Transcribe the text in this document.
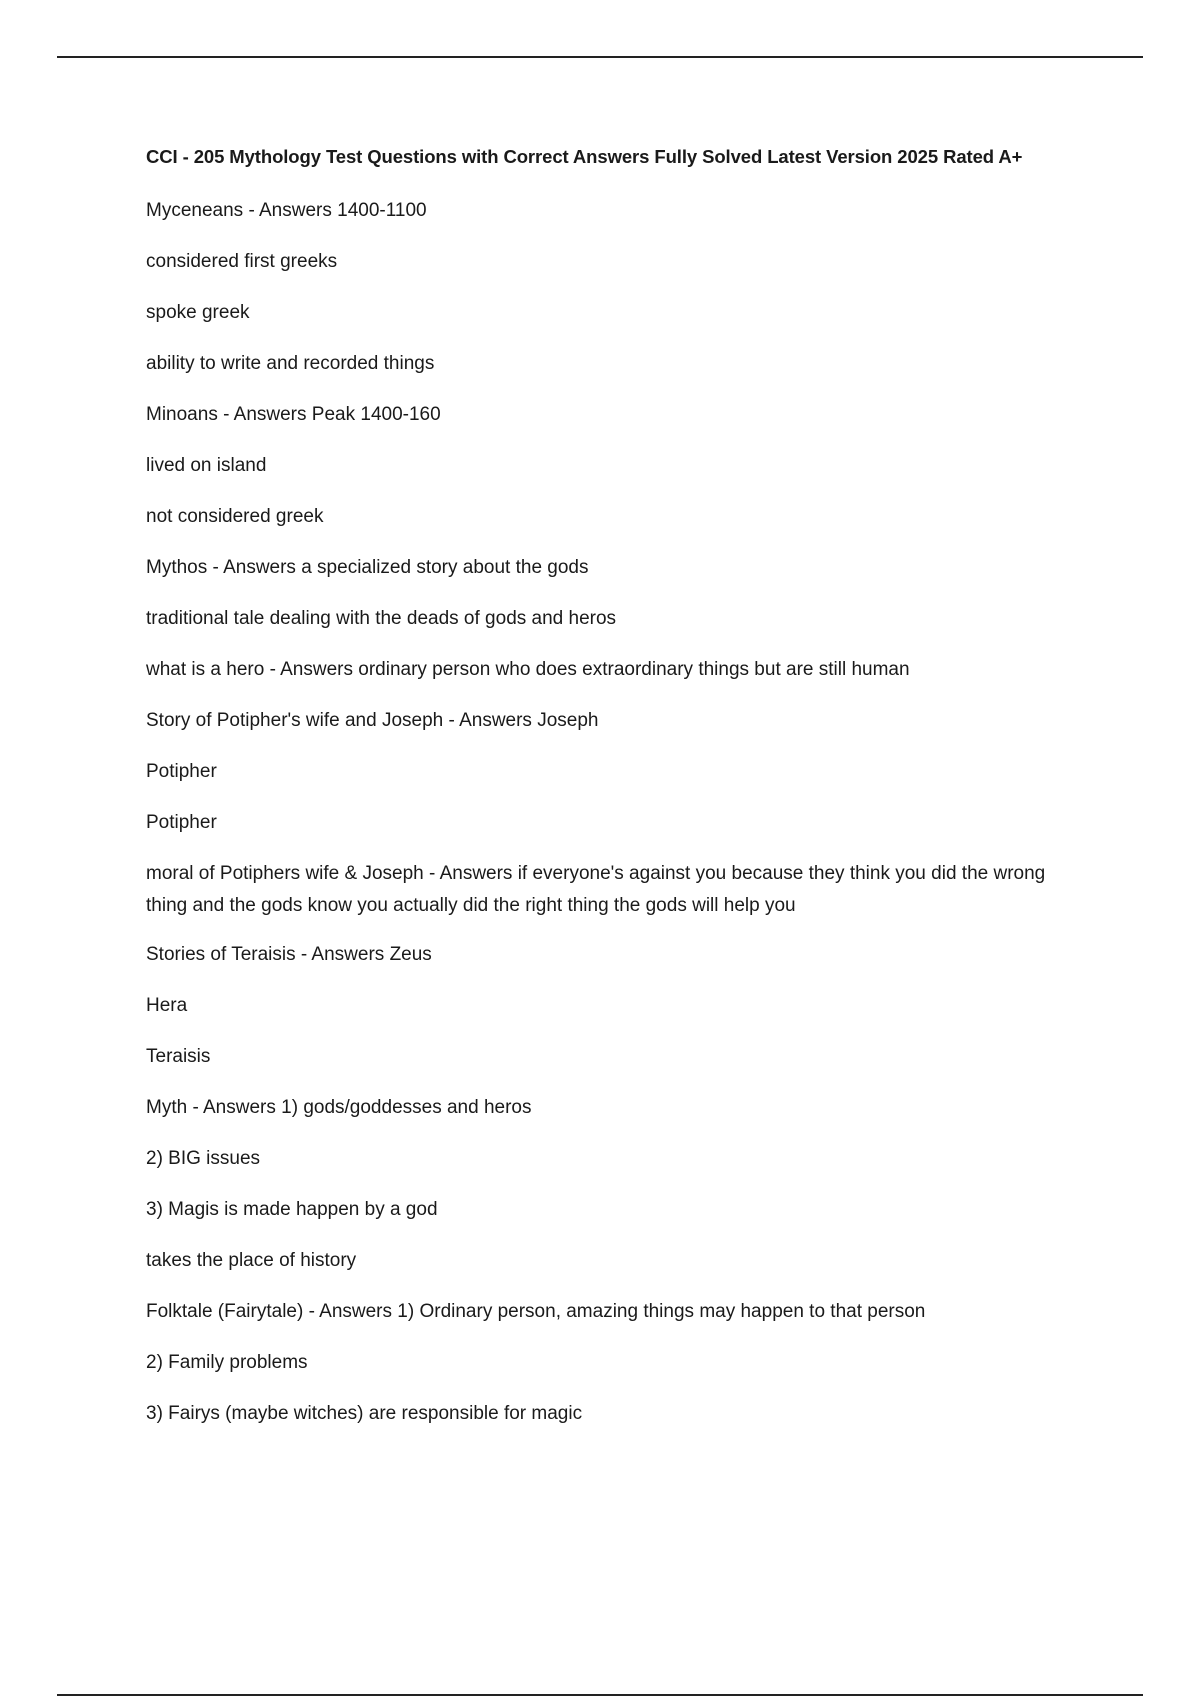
CCI - 205 Mythology Test Questions with Correct Answers Fully Solved Latest Version 2025 Rated A+
Myceneans - Answers 1400-1100
considered first greeks
spoke greek
ability to write and recorded things
Minoans - Answers Peak 1400-160
lived on island
not considered greek
Mythos - Answers a specialized story about the gods
traditional tale dealing with the deads of gods and heros
what is a hero - Answers ordinary person who does extraordinary things but are still human
Story of Potipher's wife and Joseph - Answers Joseph
Potipher
Potipher
moral of Potiphers wife & Joseph - Answers if everyone's against you because they think you did the wrong thing and the gods know you actually did the right thing the gods will help you
Stories of Teraisis - Answers Zeus
Hera
Teraisis
Myth - Answers 1) gods/goddesses and heros
2) BIG issues
3) Magis is made happen by a god
takes the place of history
Folktale (Fairytale) - Answers 1) Ordinary person, amazing things may happen to that person
2) Family problems
3) Fairys (maybe witches) are responsible for magic
